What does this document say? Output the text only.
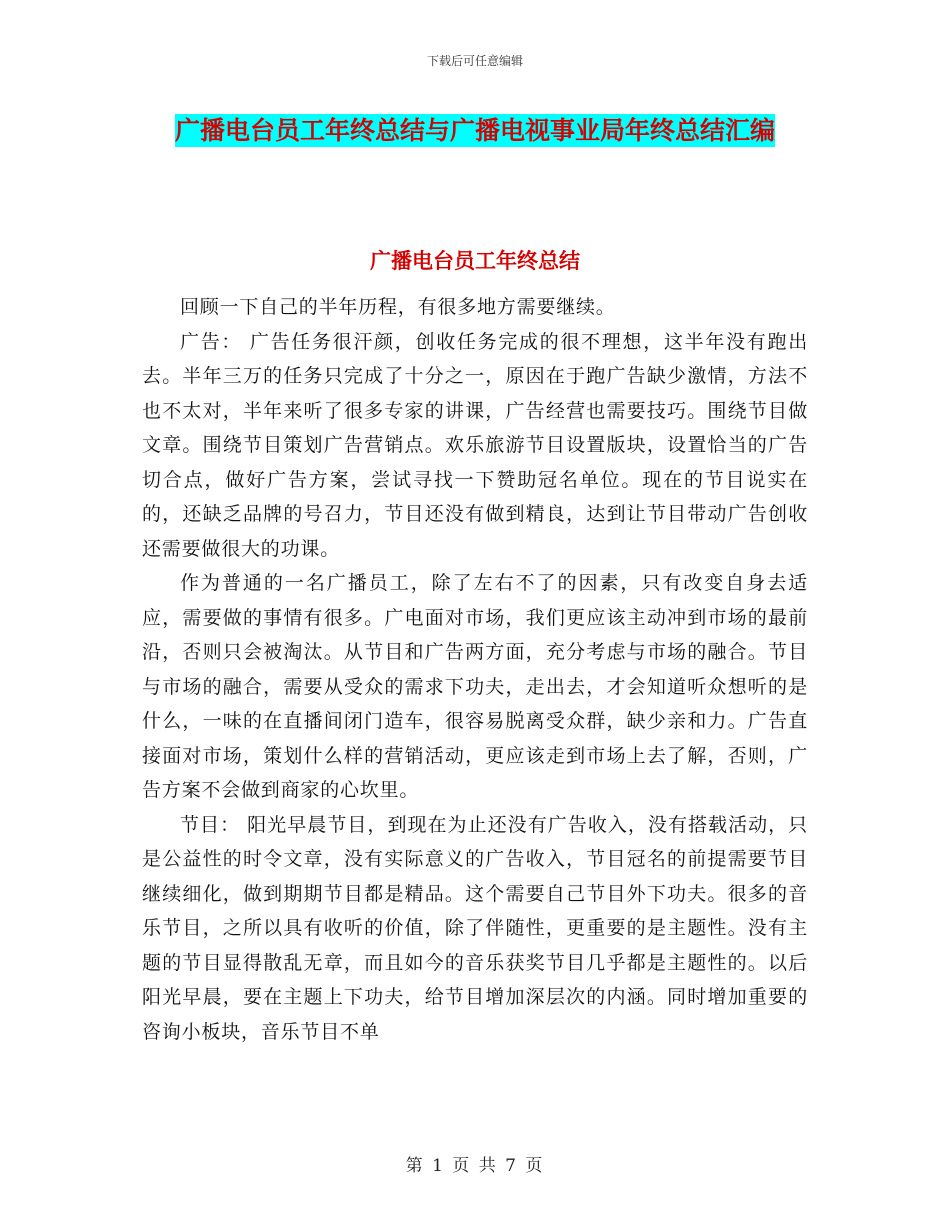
下载后可任意编辑
广播电台员工年终总结与广播电视事业局年终总结汇编
广播电台员工年终总结

回顾一下自己的半年历程，有很多地方需要继续。

广告： 广告任务很汗颜，创收任务完成的很不理想，这半年没有跑出去。半年三万的任务只完成了十分之一，原因在于跑广告缺少激情，方法不也不太对，半年来听了很多专家的讲课，广告经营也需要技巧。围绕节目做文章。围绕节目策划广告营销点。欢乐旅游节目设置版块，设置恰当的广告切合点，做好广告方案，尝试寻找一下赞助冠名单位。现在的节目说实在的，还缺乏品牌的号召力，节目还没有做到精良，达到让节目带动广告创收还需要做很大的功课。

作为普通的一名广播员工，除了左右不了的因素，只有改变自身去适应，需要做的事情有很多。广电面对市场，我们更应该主动冲到市场的最前沿，否则只会被淘汰。从节目和广告两方面，充分考虑与市场的融合。节目与市场的融合，需要从受众的需求下功夫，走出去，才会知道听众想听的是什么，一味的在直播间闭门造车，很容易脱离受众群，缺少亲和力。广告直接面对市场，策划什么样的营销活动，更应该走到市场上去了解，否则，广告方案不会做到商家的心坎里。

节目： 阳光早晨节目，到现在为止还没有广告收入，没有搭载活动，只是公益性的时令文章，没有实际意义的广告收入，节目冠名的前提需要节目继续细化，做到期期节目都是精品。这个需要自己节目外下功夫。很多的音乐节目，之所以具有收听的价值，除了伴随性，更重要的是主题性。没有主题的节目显得散乱无章，而且如今的音乐获奖节目几乎都是主题性的。以后阳光早晨，要在主题上下功夫，给节目增加深层次的内涵。同时增加重要的咨询小板块，音乐节目不单

第 1 页 共 7 页
